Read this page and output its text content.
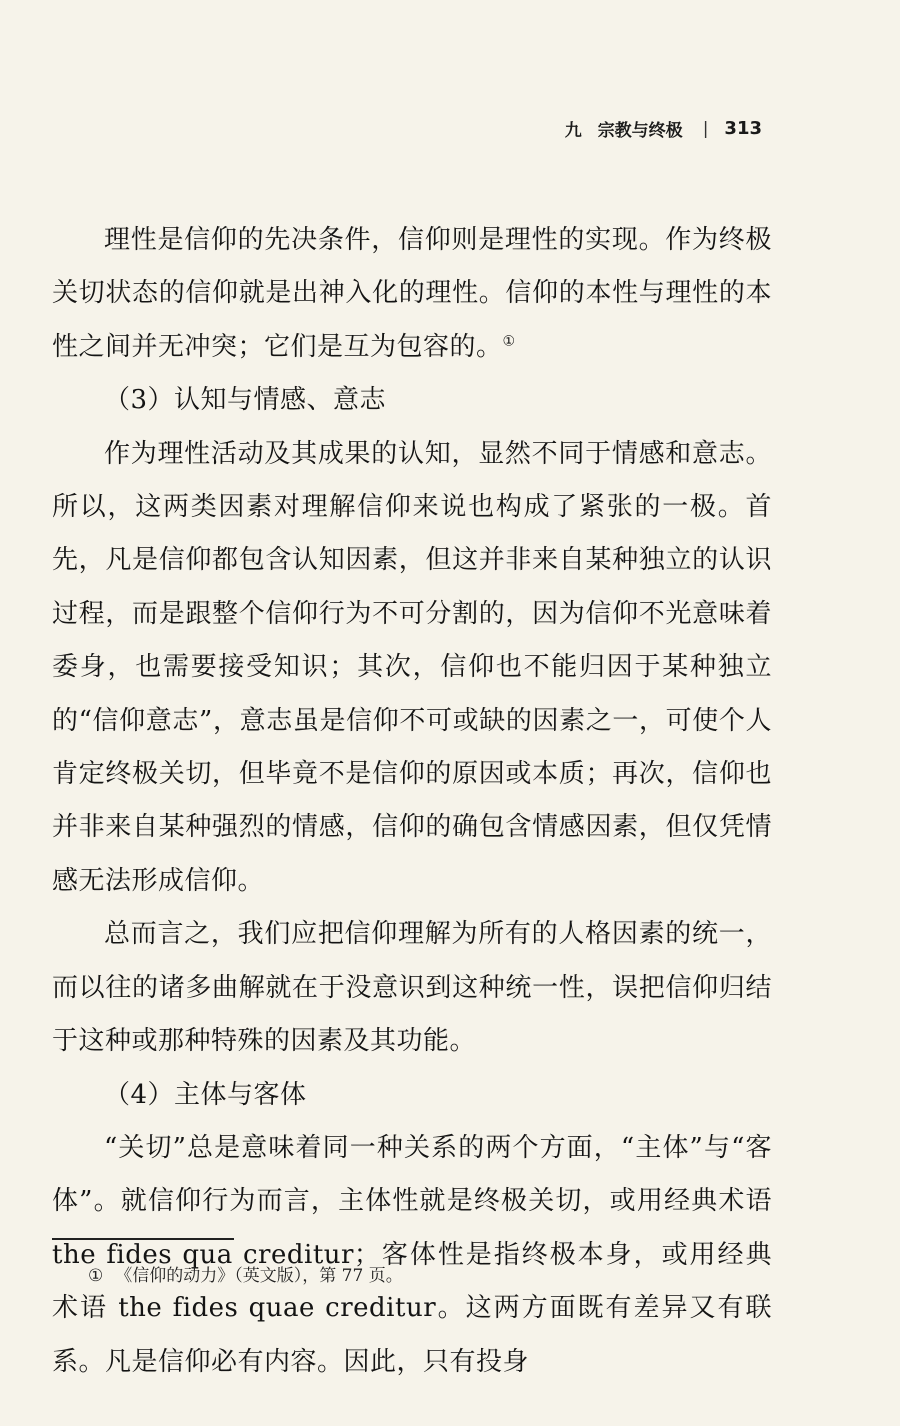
九 宗教与终极 | 313

理性是信仰的先决条件，信仰则是理性的实现。作为终极关切状态的信仰就是出神入化的理性。信仰的本性与理性的本性之间并无冲突；它们是互为包容的。①

（3）认知与情感、意志

作为理性活动及其成果的认知，显然不同于情感和意志。所以，这两类因素对理解信仰来说也构成了紧张的一极。首先，凡是信仰都包含认知因素，但这并非来自某种独立的认识过程，而是跟整个信仰行为不可分割的，因为信仰不光意味着委身，也需要接受知识；其次，信仰也不能归因于某种独立的“信仰意志”，意志虽是信仰不可或缺的因素之一，可使个人肯定终极关切，但毕竟不是信仰的原因或本质；再次，信仰也并非来自某种强烈的情感，信仰的确包含情感因素，但仅凭情感无法形成信仰。

总而言之，我们应把信仰理解为所有的人格因素的统一，而以往的诸多曲解就在于没意识到这种统一性，误把信仰归结于这种或那种特殊的因素及其功能。

（4）主体与客体

“关切”总是意味着同一种关系的两个方面，“主体”与“客体”。就信仰行为而言，主体性就是终极关切，或用经典术语 the fides qua creditur；客体性是指终极本身，或用经典术语 the fides quae creditur。这两方面既有差异又有联系。凡是信仰必有内容。因此，只有投身

① 《信仰的动力》（英文版），第 77 页。
